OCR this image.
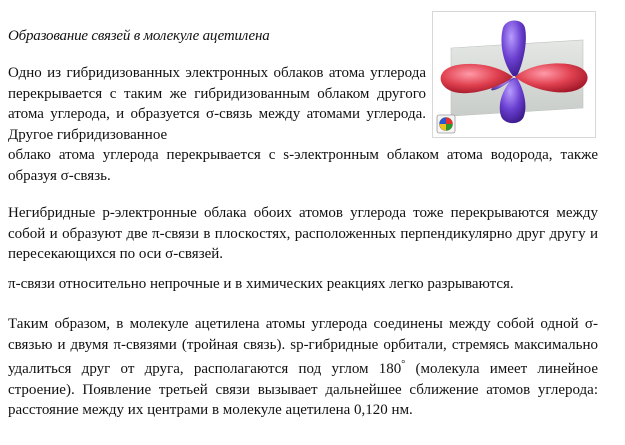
Образование связей в молекуле ацетилена

Одно из гибридизованных электронных облаков атома углерода перекрывается с таким же гибридизованным облаком другого атома углерода, и образуется σ-связь между атомами углерода. Другое гибридизованное

облако атома углерода перекрывается с s-электронным облаком атома водорода, также образуя σ-связь.

Негибридные р-электронные облака обоих атомов углерода тоже перекрываются между собой и образуют две π-связи в плоскостях, расположенных перпендикулярно друг другу и пересекающихся по оси σ-связей.

π-связи относительно непрочные и в химических реакциях легко разрываются.

Таким образом, в молекуле ацетилена атомы углерода соединены между собой одной σ-связью и двумя π-связями (тройная связь). sp-гибридные орбитали, стремясь максимально удалиться друг от друга, располагаются под углом 180° (молекула имеет линейное строение). Появление третьей связи вызывает дальнейшее сближение атомов углерода: расстояние между их центрами в молекуле ацетилена 0,120 нм.
